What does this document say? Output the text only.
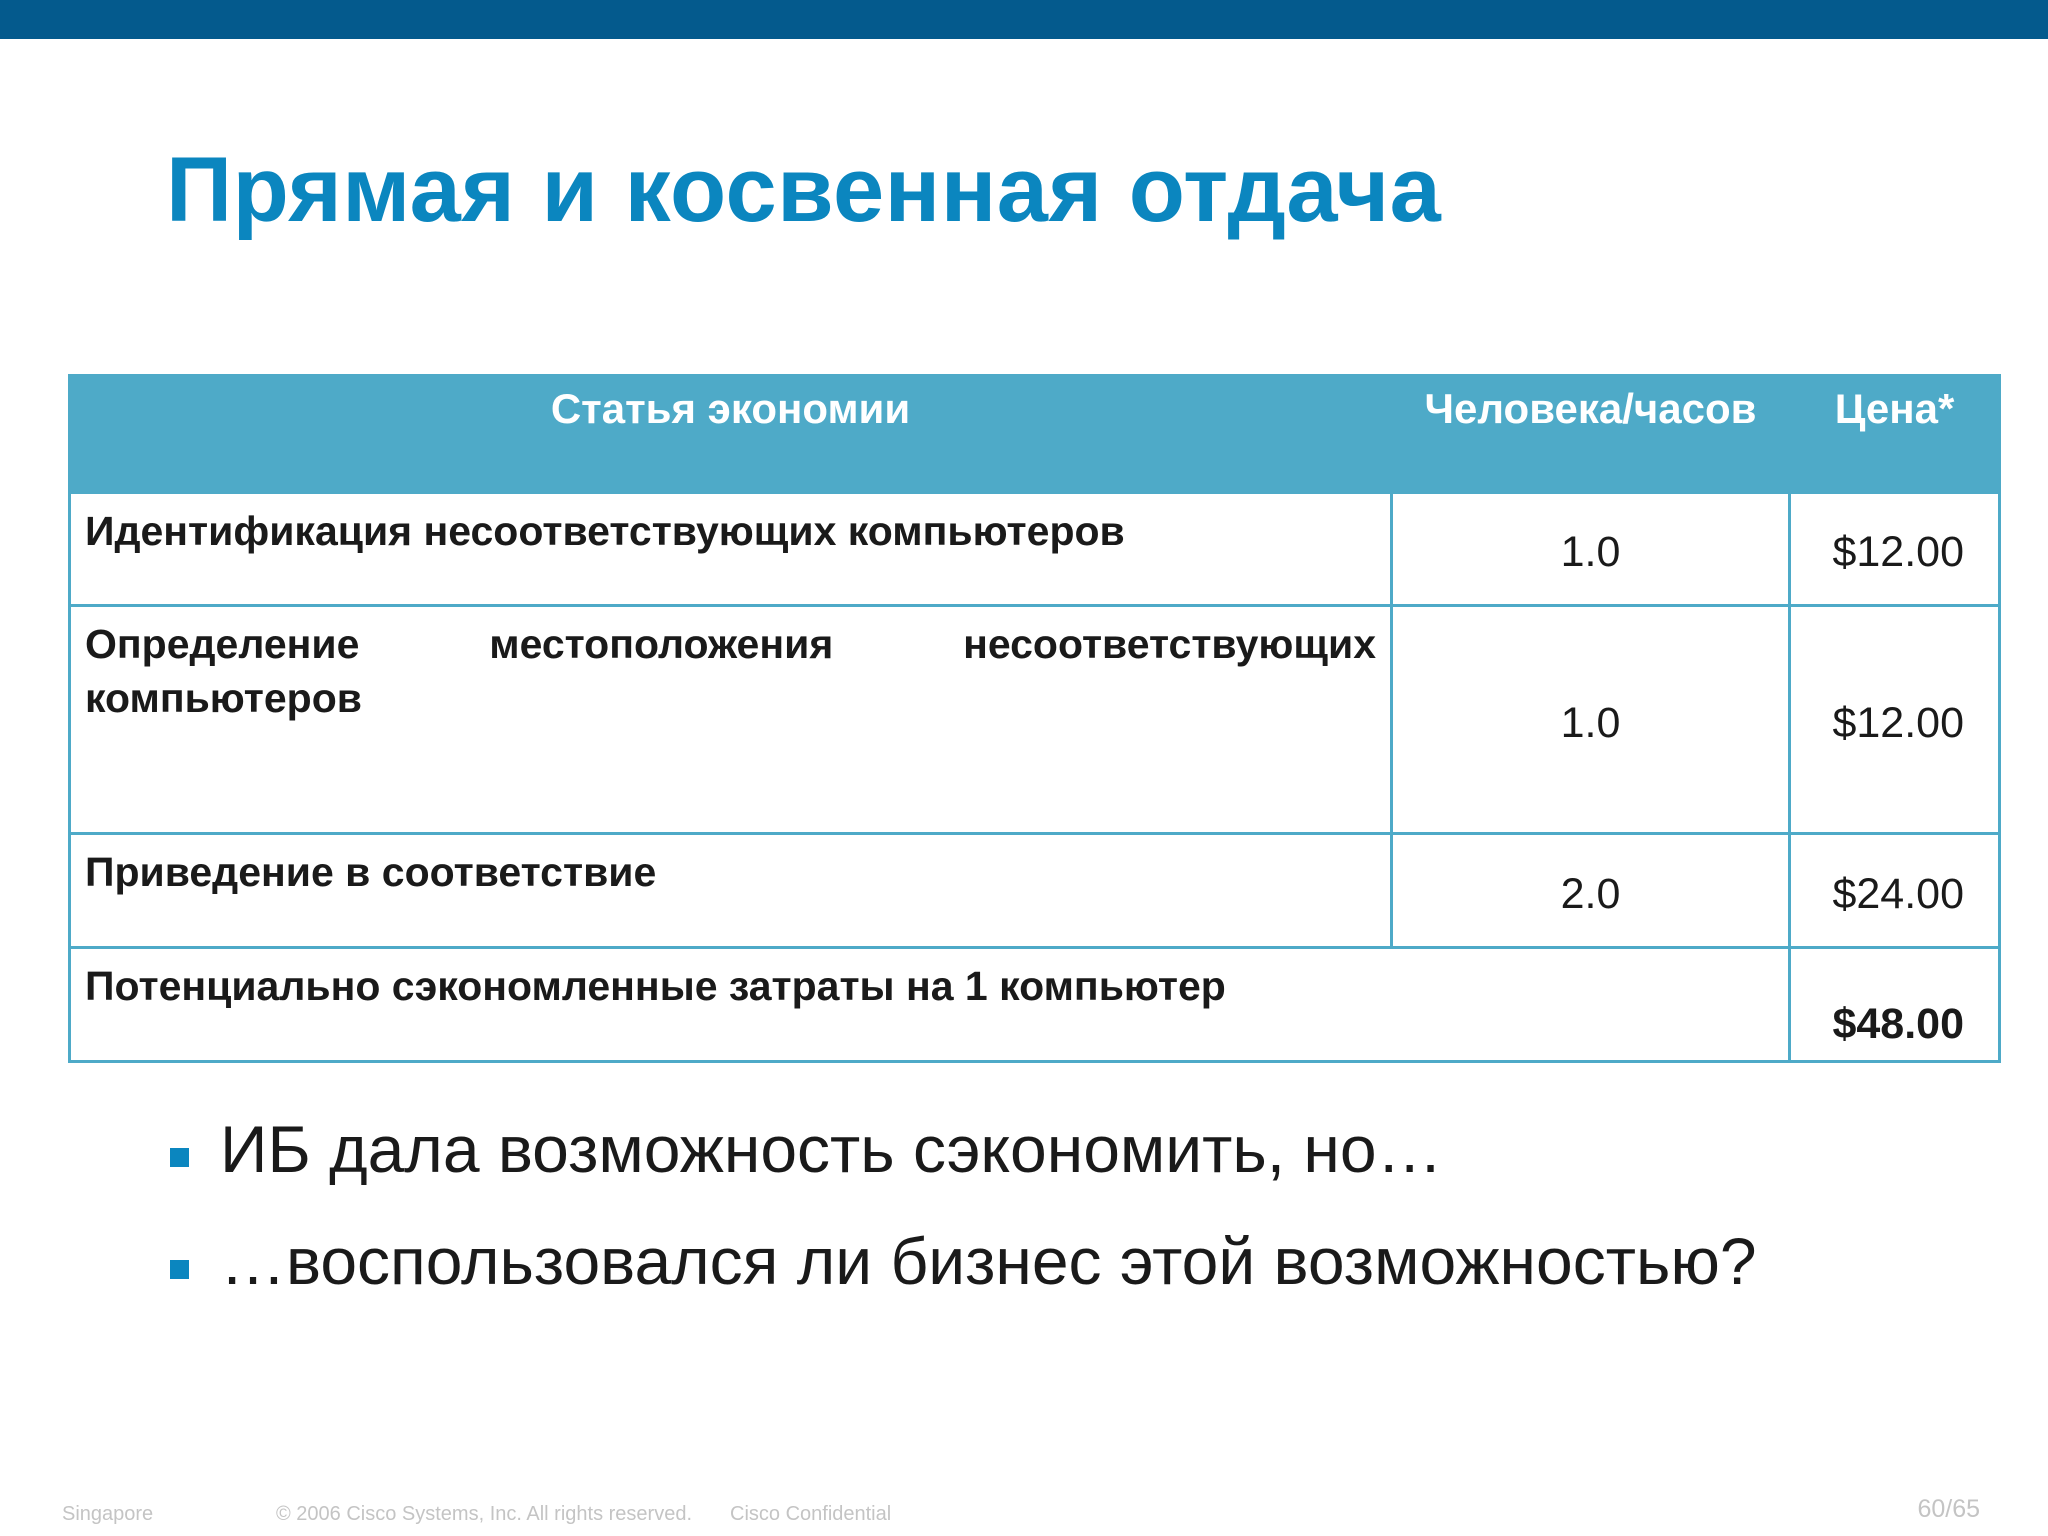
Прямая и косвенная отдача
Статья экономии	Человека/часов	Цена*
Идентификация несоответствующих компьютеров	1.0	$12.00
Определение местоположения несоответствующих компьютеров	1.0	$12.00
Приведение в соответствие	2.0	$24.00
Потенциально сэкономленные затраты на 1 компьютер		$48.00
ИБ дала возможность сэкономить, но…
…воспользовался ли бизнес этой возможностью?
Singapore	© 2006 Cisco Systems, Inc. All rights reserved. Cisco Confidential	60/65
